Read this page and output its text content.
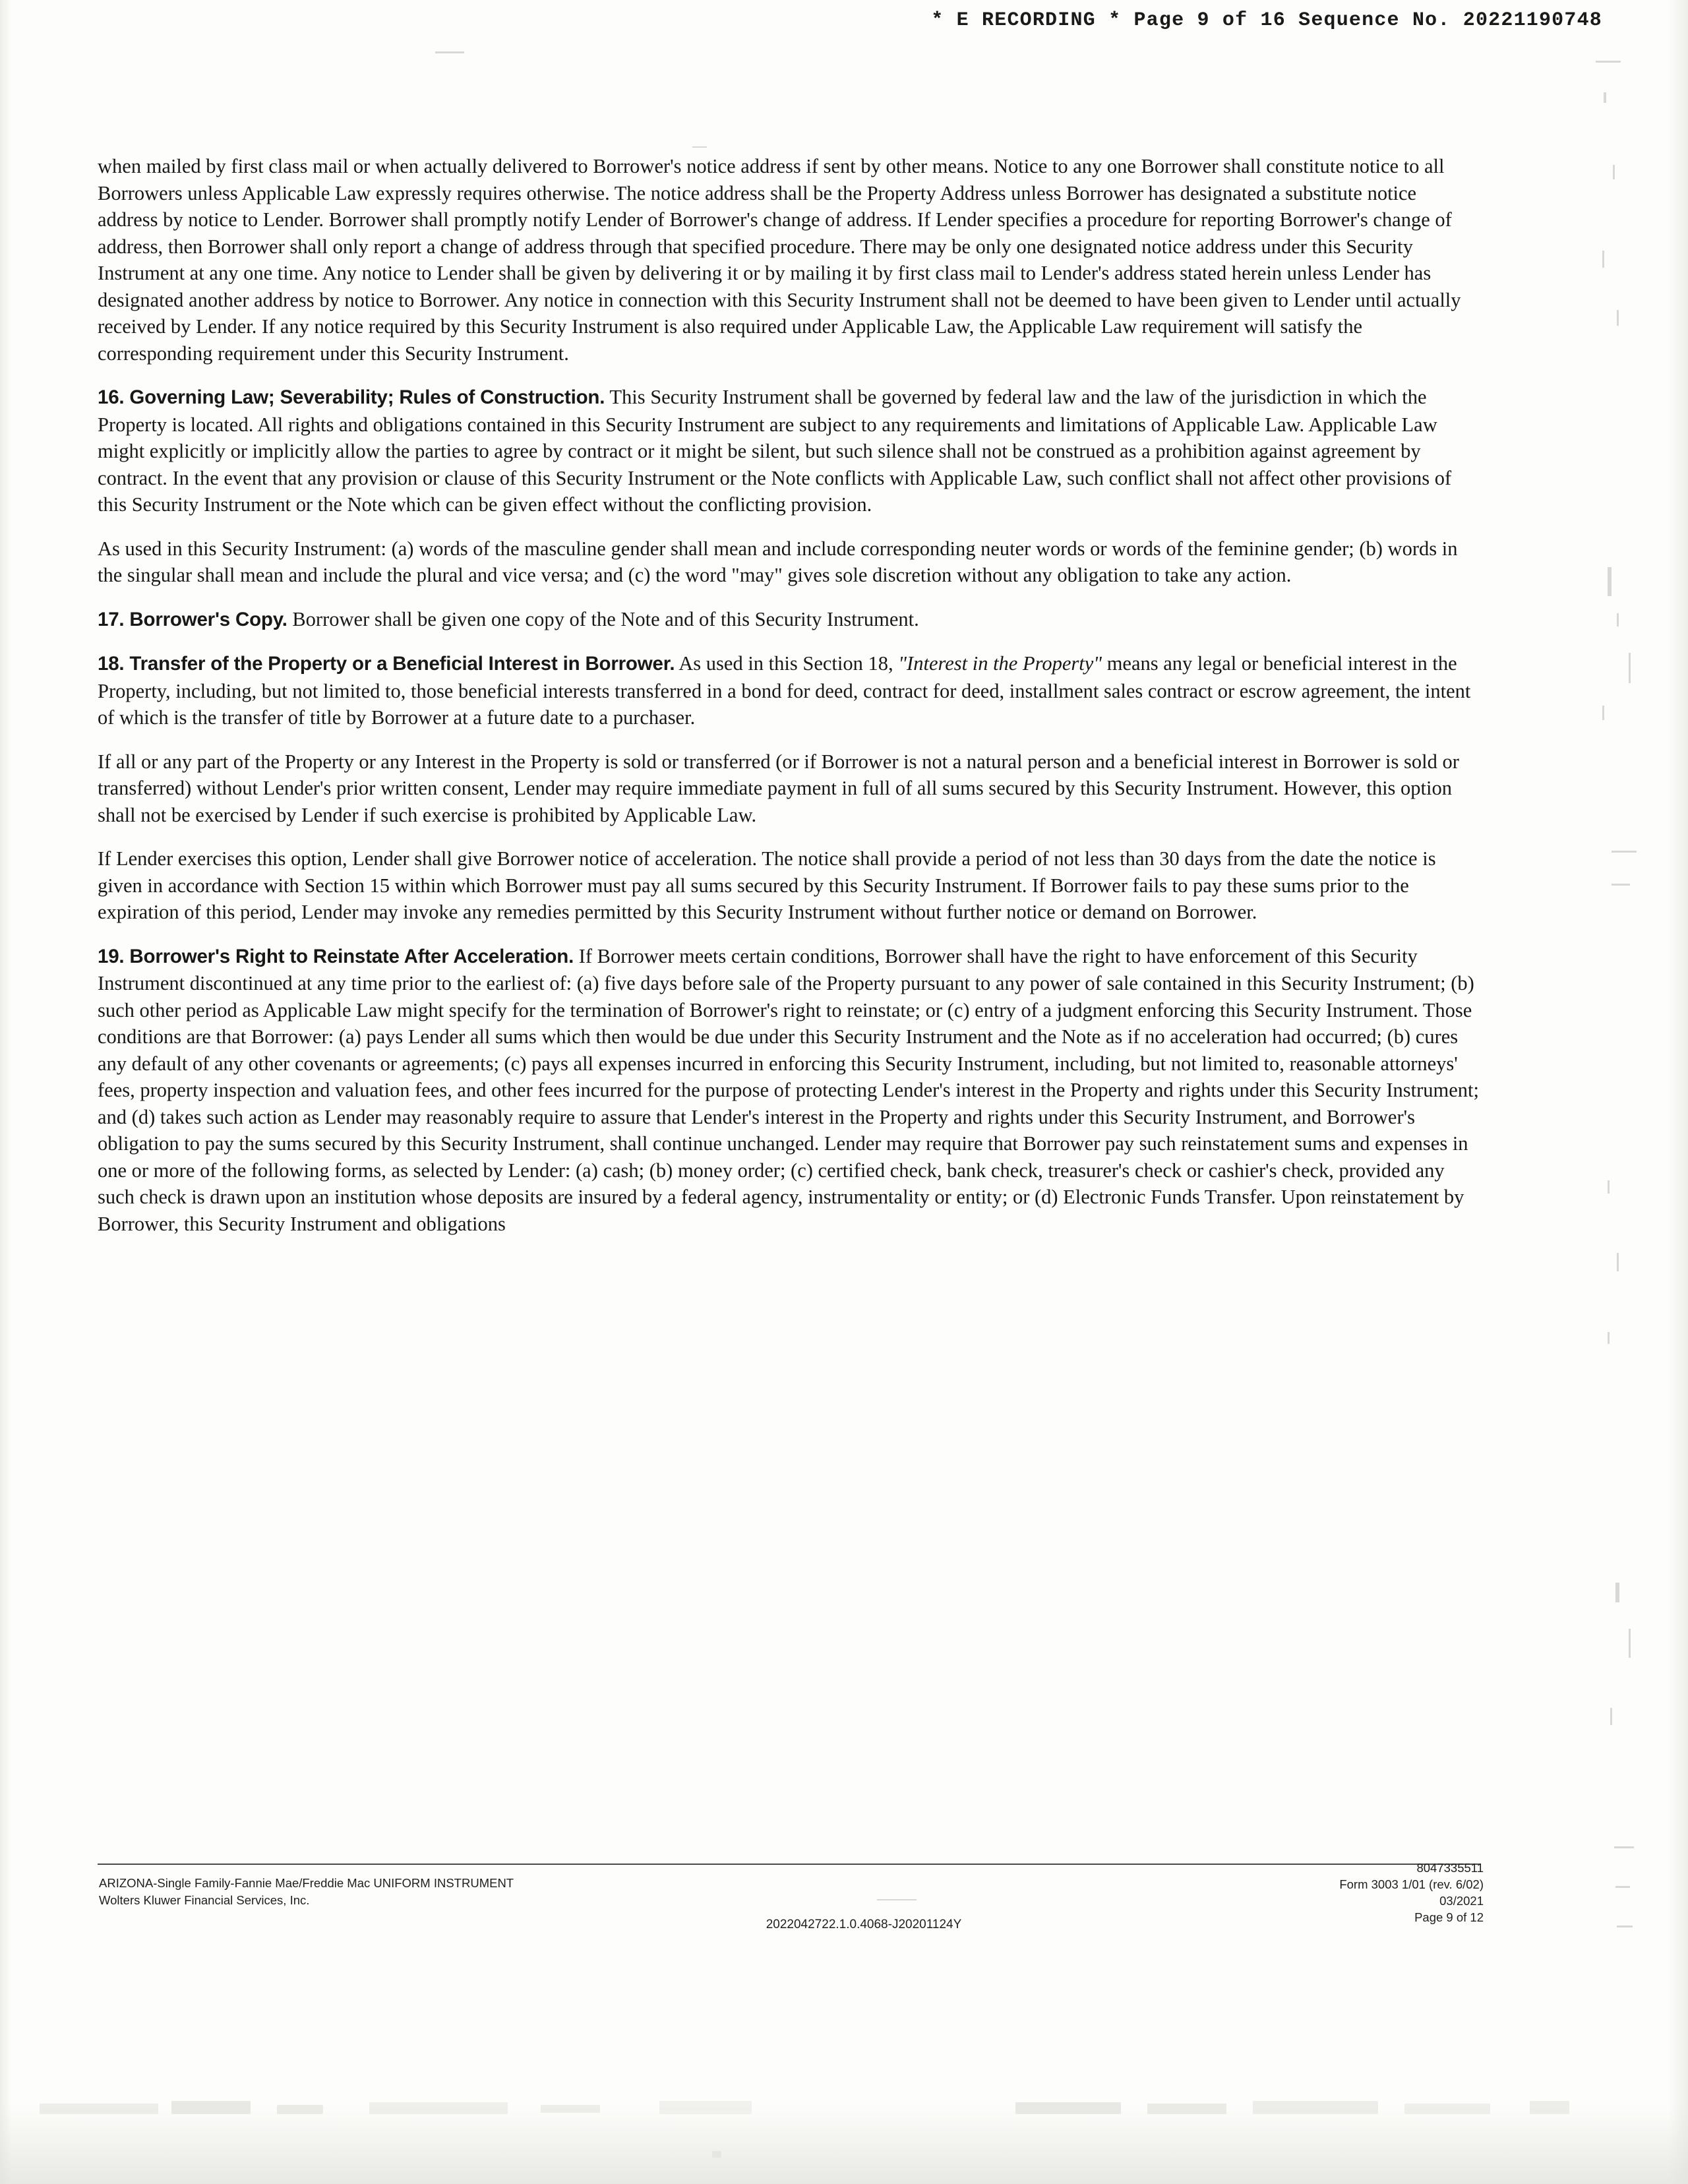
* E RECORDING * Page 9 of 16 Sequence No. 20221190748

when mailed by first class mail or when actually delivered to Borrower's notice address if sent by other means. Notice to any one Borrower shall constitute notice to all Borrowers unless Applicable Law expressly requires otherwise. The notice address shall be the Property Address unless Borrower has designated a substitute notice address by notice to Lender. Borrower shall promptly notify Lender of Borrower's change of address. If Lender specifies a procedure for reporting Borrower's change of address, then Borrower shall only report a change of address through that specified procedure. There may be only one designated notice address under this Security Instrument at any one time. Any notice to Lender shall be given by delivering it or by mailing it by first class mail to Lender's address stated herein unless Lender has designated another address by notice to Borrower. Any notice in connection with this Security Instrument shall not be deemed to have been given to Lender until actually received by Lender. If any notice required by this Security Instrument is also required under Applicable Law, the Applicable Law requirement will satisfy the corresponding requirement under this Security Instrument.

16. Governing Law; Severability; Rules of Construction. This Security Instrument shall be governed by federal law and the law of the jurisdiction in which the Property is located. All rights and obligations contained in this Security Instrument are subject to any requirements and limitations of Applicable Law. Applicable Law might explicitly or implicitly allow the parties to agree by contract or it might be silent, but such silence shall not be construed as a prohibition against agreement by contract. In the event that any provision or clause of this Security Instrument or the Note conflicts with Applicable Law, such conflict shall not affect other provisions of this Security Instrument or the Note which can be given effect without the conflicting provision.

As used in this Security Instrument: (a) words of the masculine gender shall mean and include corresponding neuter words or words of the feminine gender; (b) words in the singular shall mean and include the plural and vice versa; and (c) the word "may" gives sole discretion without any obligation to take any action.

17. Borrower's Copy. Borrower shall be given one copy of the Note and of this Security Instrument.

18. Transfer of the Property or a Beneficial Interest in Borrower. As used in this Section 18, "Interest in the Property" means any legal or beneficial interest in the Property, including, but not limited to, those beneficial interests transferred in a bond for deed, contract for deed, installment sales contract or escrow agreement, the intent of which is the transfer of title by Borrower at a future date to a purchaser.

If all or any part of the Property or any Interest in the Property is sold or transferred (or if Borrower is not a natural person and a beneficial interest in Borrower is sold or transferred) without Lender's prior written consent, Lender may require immediate payment in full of all sums secured by this Security Instrument. However, this option shall not be exercised by Lender if such exercise is prohibited by Applicable Law.

If Lender exercises this option, Lender shall give Borrower notice of acceleration. The notice shall provide a period of not less than 30 days from the date the notice is given in accordance with Section 15 within which Borrower must pay all sums secured by this Security Instrument. If Borrower fails to pay these sums prior to the expiration of this period, Lender may invoke any remedies permitted by this Security Instrument without further notice or demand on Borrower.

19. Borrower's Right to Reinstate After Acceleration. If Borrower meets certain conditions, Borrower shall have the right to have enforcement of this Security Instrument discontinued at any time prior to the earliest of: (a) five days before sale of the Property pursuant to any power of sale contained in this Security Instrument; (b) such other period as Applicable Law might specify for the termination of Borrower's right to reinstate; or (c) entry of a judgment enforcing this Security Instrument. Those conditions are that Borrower: (a) pays Lender all sums which then would be due under this Security Instrument and the Note as if no acceleration had occurred; (b) cures any default of any other covenants or agreements; (c) pays all expenses incurred in enforcing this Security Instrument, including, but not limited to, reasonable attorneys' fees, property inspection and valuation fees, and other fees incurred for the purpose of protecting Lender's interest in the Property and rights under this Security Instrument; and (d) takes such action as Lender may reasonably require to assure that Lender's interest in the Property and rights under this Security Instrument, and Borrower's obligation to pay the sums secured by this Security Instrument, shall continue unchanged. Lender may require that Borrower pay such reinstatement sums and expenses in one or more of the following forms, as selected by Lender: (a) cash; (b) money order; (c) certified check, bank check, treasurer's check or cashier's check, provided any such check is drawn upon an institution whose deposits are insured by a federal agency, instrumentality or entity; or (d) Electronic Funds Transfer. Upon reinstatement by Borrower, this Security Instrument and obligations

ARIZONA-Single Family-Fannie Mae/Freddie Mac UNIFORM INSTRUMENT
Wolters Kluwer Financial Services, Inc.
2022042722.1.0.4068-J20201124Y
8047335511
Form 3003 1/01 (rev. 6/02)
03/2021
Page 9 of 12
